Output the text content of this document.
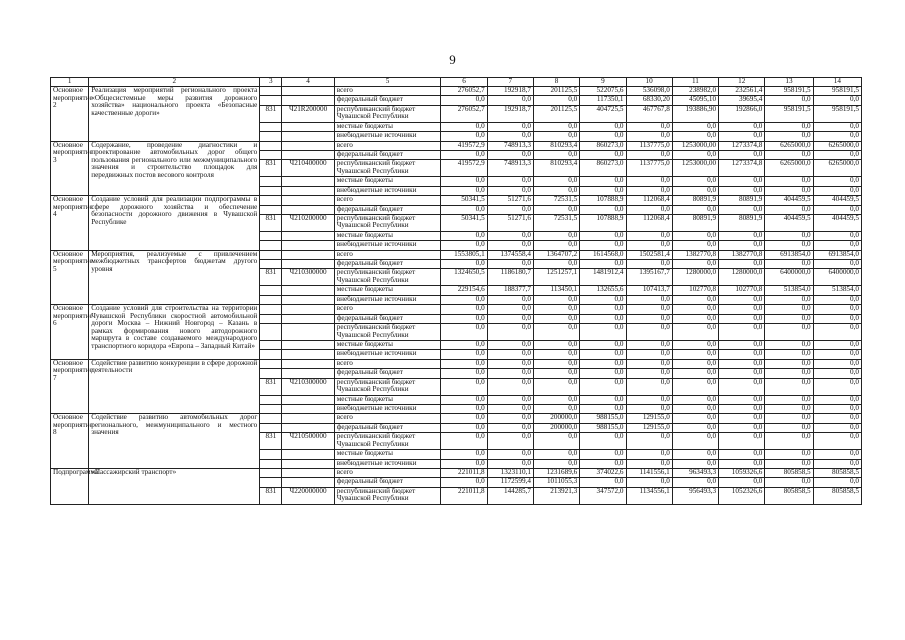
9
1	2	3	4	5	6	7	8	9	10	11	12	13	14
Основное мероприятие 2	Реализация мероприятий регионального проекта «Общесистемные меры развития дорожного хозяйства» национального проекта «Безопасные качественные дороги»			всего	276052,7	192918,7	201125,5	522075,6	536098,0	238982,0	232561,4	958191,5	958191,5
				федеральный бюджет	0,0	0,0	0,0	117350,1	68330,20	45095,10	39695,4	0,0	0,0
		831	Ч21R200000	республиканский бюджет Чувашской Республики	276052,7	192918,7	201125,5	404725,5	467767,8	193886,90	192866,0	958191,5	958191,5
				местные бюджеты	0,0	0,0	0,0	0,0	0,0	0,0	0,0	0,0	0,0
				внебюджетные источники	0,0	0,0	0,0	0,0	0,0	0,0	0,0	0,0	0,0
Основное мероприятие 3	Содержание, проведение диагностики и проектирование автомобильных дорог общего пользования регионального или межмуниципального значения и строительство площадок для передвижных постов весового контроля			всего	419572,9	748913,3	810293,4	860273,0	1137775,0	1253000,00	1273374,8	6265000,0	6265000,0
				федеральный бюджет	0,0	0,0	0,0	0,0	0,0	0,0	0,0	0,0	0,0
		831	Ч210400000	республиканский бюджет Чувашской Республики	419572,9	748913,3	810293,4	860273,0	1137775,0	1253000,00	1273374,8	6265000,0	6265000,0
				местные бюджеты	0,0	0,0	0,0	0,0	0,0	0,0	0,0	0,0	0,0
				внебюджетные источники	0,0	0,0	0,0	0,0	0,0	0,0	0,0	0,0	0,0
Основное мероприятие 4	Создание условий для реализации подпрограммы в сфере дорожного хозяйства и обеспечение безопасности дорожного движения в Чувашской Республике			всего	50341,5	51271,6	72531,5	107888,9	112068,4	80891,9	80891,9	404459,5	404459,5
				федеральный бюджет	0,0	0,0	0,0	0,0	0,0	0,0	0,0	0,0	0,0
		831	Ч210200000	республиканский бюджет Чувашской Республики	50341,5	51271,6	72531,5	107888,9	112068,4	80891,9	80891,9	404459,5	404459,5
				местные бюджеты	0,0	0,0	0,0	0,0	0,0	0,0	0,0	0,0	0,0
				внебюджетные источники	0,0	0,0	0,0	0,0	0,0	0,0	0,0	0,0	0,0
Основное мероприятие 5	Мероприятия, реализуемые с привлечением межбюджетных трансфертов бюджетам другого уровня			всего	1553805,1	1374558,4	1364707,2	1614568,0	1502581,4	1382770,8	1382770,8	6913854,0	6913854,0
				федеральный бюджет	0,0	0,0	0,0	0,0	0,0	0,0	0,0	0,0	0,0
		831	Ч210300000	республиканский бюджет Чувашской Республики	1324650,5	1186180,7	1251257,1	1481912,4	1395167,7	1280000,0	1280000,0	6400000,0	6400000,0
				местные бюджеты	229154,6	188377,7	113450,1	132655,6	107413,7	102770,8	102770,8	513854,0	513854,0
				внебюджетные источники	0,0	0,0	0,0	0,0	0,0	0,0	0,0	0,0	0,0
Основное мероприятие 6	Создание условий для строительства на территории Чувашской Республики скоростной автомобильной дороги Москва – Нижний Новгород – Казань в рамках формирования нового автодорожного маршрута в составе создаваемого международного транспортного коридора «Европа – Западный Китай»			всего	0,0	0,0	0,0	0,0	0,0	0,0	0,0	0,0	0,0
				федеральный бюджет	0,0	0,0	0,0	0,0	0,0	0,0	0,0	0,0	0,0
				республиканский бюджет Чувашской Республики	0,0	0,0	0,0	0,0	0,0	0,0	0,0	0,0	0,0
				местные бюджеты	0,0	0,0	0,0	0,0	0,0	0,0	0,0	0,0	0,0
				внебюджетные источники	0,0	0,0	0,0	0,0	0,0	0,0	0,0	0,0	0,0
Основное мероприятие 7	Содействие развитию конкуренции в сфере дорожной деятельности			всего	0,0	0,0	0,0	0,0	0,0	0,0	0,0	0,0	0,0
				федеральный бюджет	0,0	0,0	0,0	0,0	0,0	0,0	0,0	0,0	0,0
		831	Ч210300000	республиканский бюджет Чувашской Республики	0,0	0,0	0,0	0,0	0,0	0,0	0,0	0,0	0,0
				местные бюджеты	0,0	0,0	0,0	0,0	0,0	0,0	0,0	0,0	0,0
				внебюджетные источники	0,0	0,0	0,0	0,0	0,0	0,0	0,0	0,0	0,0
Основное мероприятие 8	Содействие развитию автомобильных дорог регионального, межмуниципального и местного значения			всего	0,0	0,0	200000,0	988155,0	129155,0	0,0	0,0	0,0	0,0
				федеральный бюджет	0,0	0,0	200000,0	988155,0	129155,0	0,0	0,0	0,0	0,0
		831	Ч210500000	республиканский бюджет Чувашской Республики	0,0	0,0	0,0	0,0	0,0	0,0	0,0	0,0	0,0
				местные бюджеты	0,0	0,0	0,0	0,0	0,0	0,0	0,0	0,0	0,0
				внебюджетные источники	0,0	0,0	0,0	0,0	0,0	0,0	0,0	0,0	0,0
Подпрограмма	«Пассажирский транспорт»			всего	221011,8	1323110,1	1231689,6	374022,6	1141556,1	963493,3	1059326,6	805858,5	805858,5
				федеральный бюджет	0,0	1172599,4	1011055,3	0,0	0,0	0,0	0,0	0,0	0,0
		831	Ч220000000	республиканский бюджет Чувашской Республики	221011,8	144285,7	213921,3	347572,0	1134556,1	956493,3	1052326,6	805858,5	805858,5
